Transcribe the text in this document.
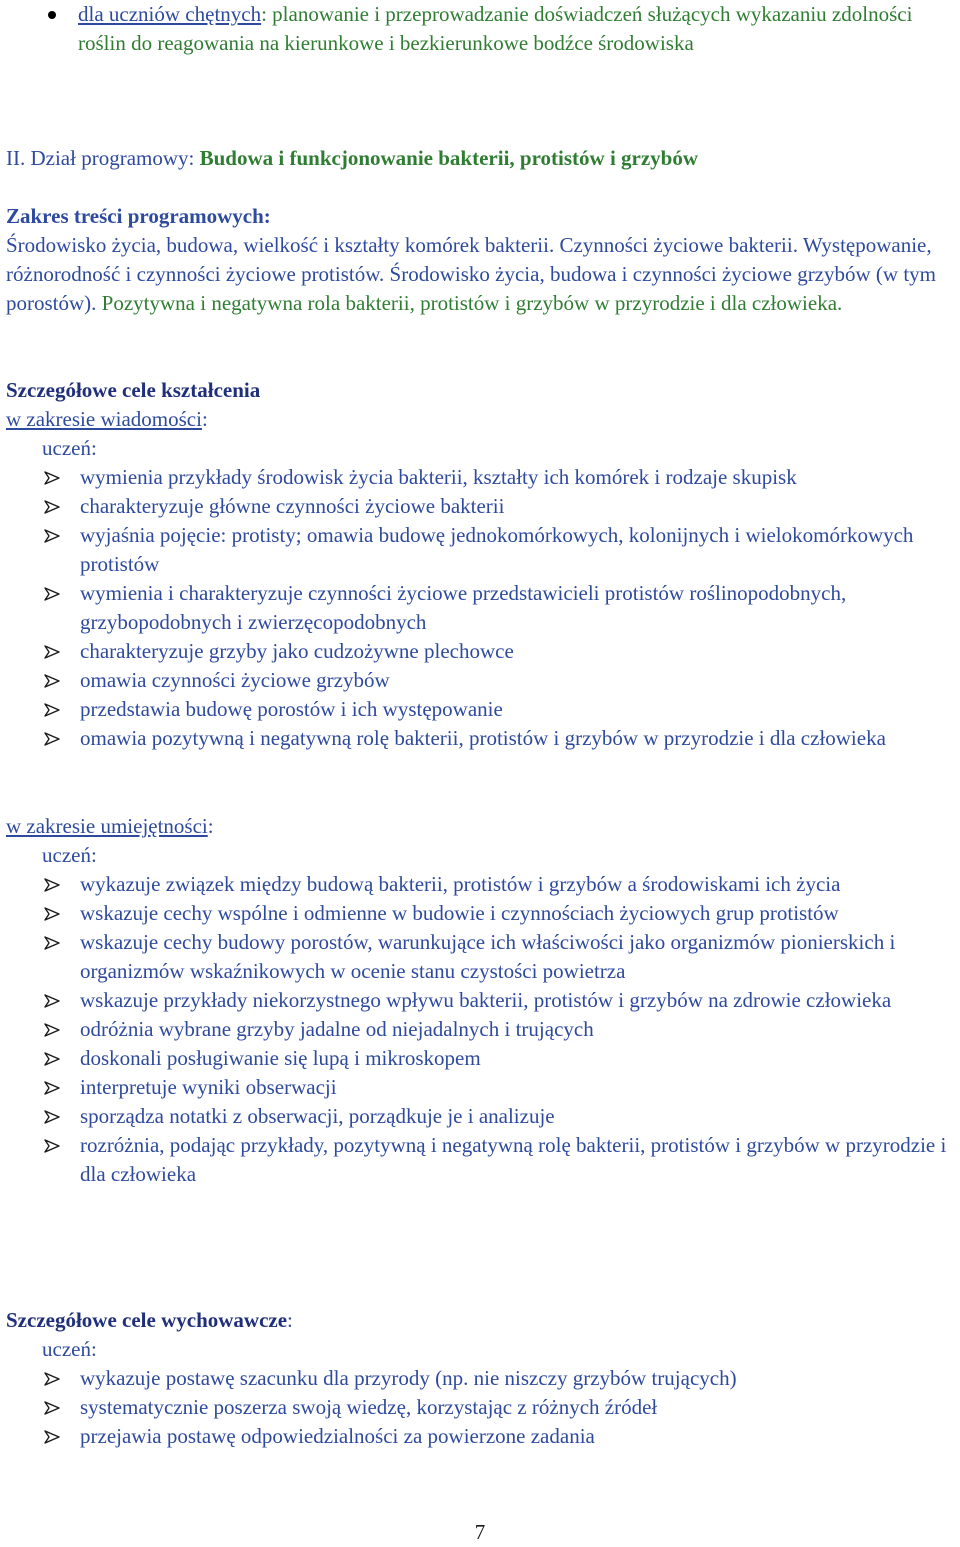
dla uczniów chętnych: planowanie i przeprowadzanie doświadczeń służących wykazaniu zdolności roślin do reagowania na kierunkowe i bezkierunkowe bodźce środowiska
II. Dział programowy: Budowa i funkcjonowanie bakterii, protistów i grzybów
Zakres treści programowych:
Środowisko życia, budowa, wielkość i kształty komórek bakterii. Czynności życiowe bakterii. Występowanie, różnorodność i czynności życiowe protistów. Środowisko życia, budowa i czynności życiowe grzybów (w tym porostów). Pozytywna i negatywna rola bakterii, protistów i grzybów w przyrodzie i dla człowieka.
Szczegółowe cele kształcenia
w zakresie wiadomości:
uczeń:
wymienia przykłady środowisk życia bakterii, kształty ich komórek i rodzaje skupisk
charakteryzuje główne czynności życiowe bakterii
wyjaśnia pojęcie: protisty; omawia budowę jednokomórkowych, kolonijnych i wielokomórkowych protistów
wymienia i charakteryzuje czynności życiowe przedstawicieli protistów roślinopodobnych, grzybopodobnych i zwierzęcopodobnych
charakteryzuje grzyby jako cudzożywne plechowce
omawia czynności życiowe grzybów
przedstawia budowę porostów i ich występowanie
omawia pozytywną i negatywną rolę bakterii, protistów i grzybów w przyrodzie i dla człowieka
w zakresie umiejętności:
uczeń:
wykazuje związek między budową bakterii, protistów i grzybów a środowiskami ich życia
wskazuje cechy wspólne i odmienne w budowie i czynnościach życiowych grup protistów
wskazuje cechy budowy porostów, warunkujące ich właściwości jako organizmów pionierskich i organizmów wskaźnikowych w ocenie stanu czystości powietrza
wskazuje przykłady niekorzystnego wpływu bakterii, protistów i grzybów na zdrowie człowieka
odróżnia wybrane grzyby jadalne od niejadalnych i trujących
doskonali posługiwanie się lupą i mikroskopem
interpretuje wyniki obserwacji
sporządza notatki z obserwacji, porządkuje je i analizuje
rozróżnia, podając przykłady, pozytywną i negatywną rolę bakterii, protistów i grzybów w przyrodzie i dla człowieka
Szczegółowe cele wychowawcze:
uczeń:
wykazuje postawę szacunku dla przyrody (np. nie niszczy grzybów trujących)
systematycznie poszerza swoją wiedzę, korzystając z różnych źródeł
przejawia postawę odpowiedzialności za powierzone zadania
7
